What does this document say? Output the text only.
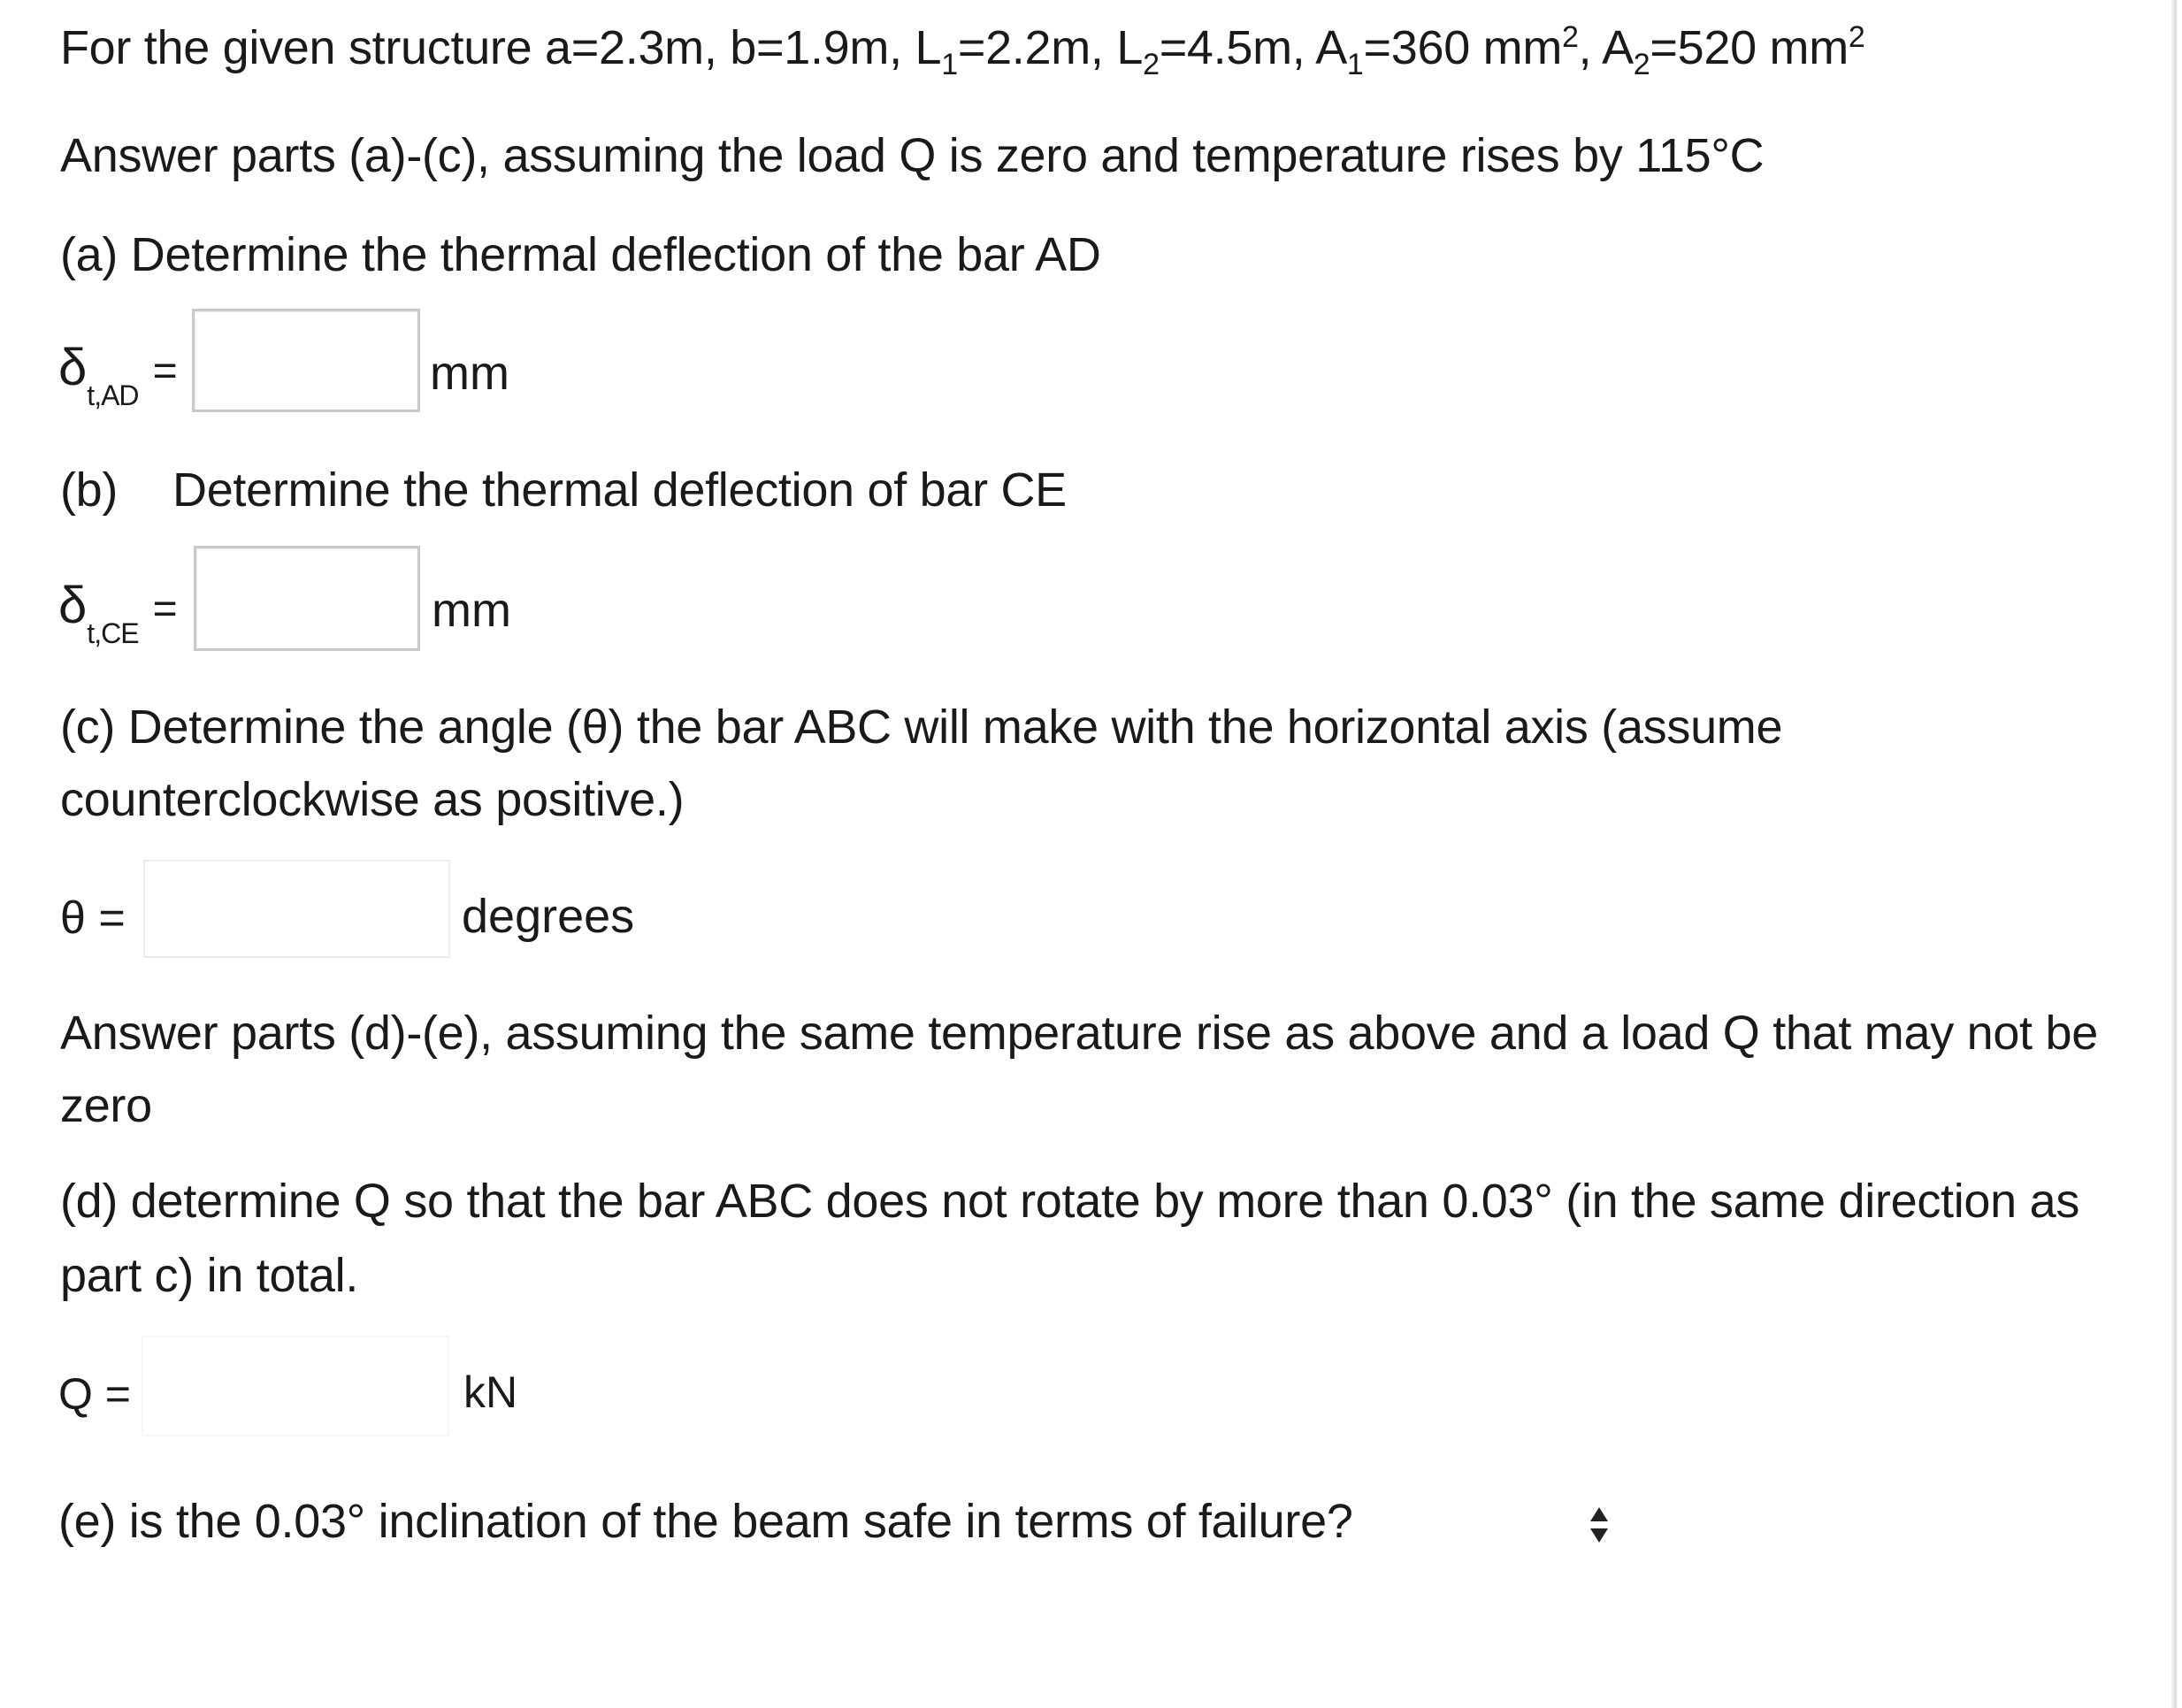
For the given structure a=2.3m, b=1.9m, $L_1=2.2m$, $L_2=4.5m$, $A_1=360$ $mm^2$, $A_2=520$ $mm^2$
Answer parts (a)-(c), assuming the load Q is zero and temperature rises by 115°C
(a) Determine the thermal deflection of the bar AD
$\delta_{t,AD}$ =	mm
(b) Determine the thermal deflection of bar CE
$\delta_{t,CE}$ =	mm
(c) Determine the angle (θ) the bar ABC will make with the horizontal axis (assume
counterclockwise as positive.)
θ =	degrees
Answer parts (d)-(e), assuming the same temperature rise as above and a load Q that may not be
zero
(d) determine Q so that the bar ABC does not rotate by more than 0.03° (in the same direction as
part c) in total.
Q =	kN
(e) is the 0.03° inclination of the beam safe in terms of failure?
